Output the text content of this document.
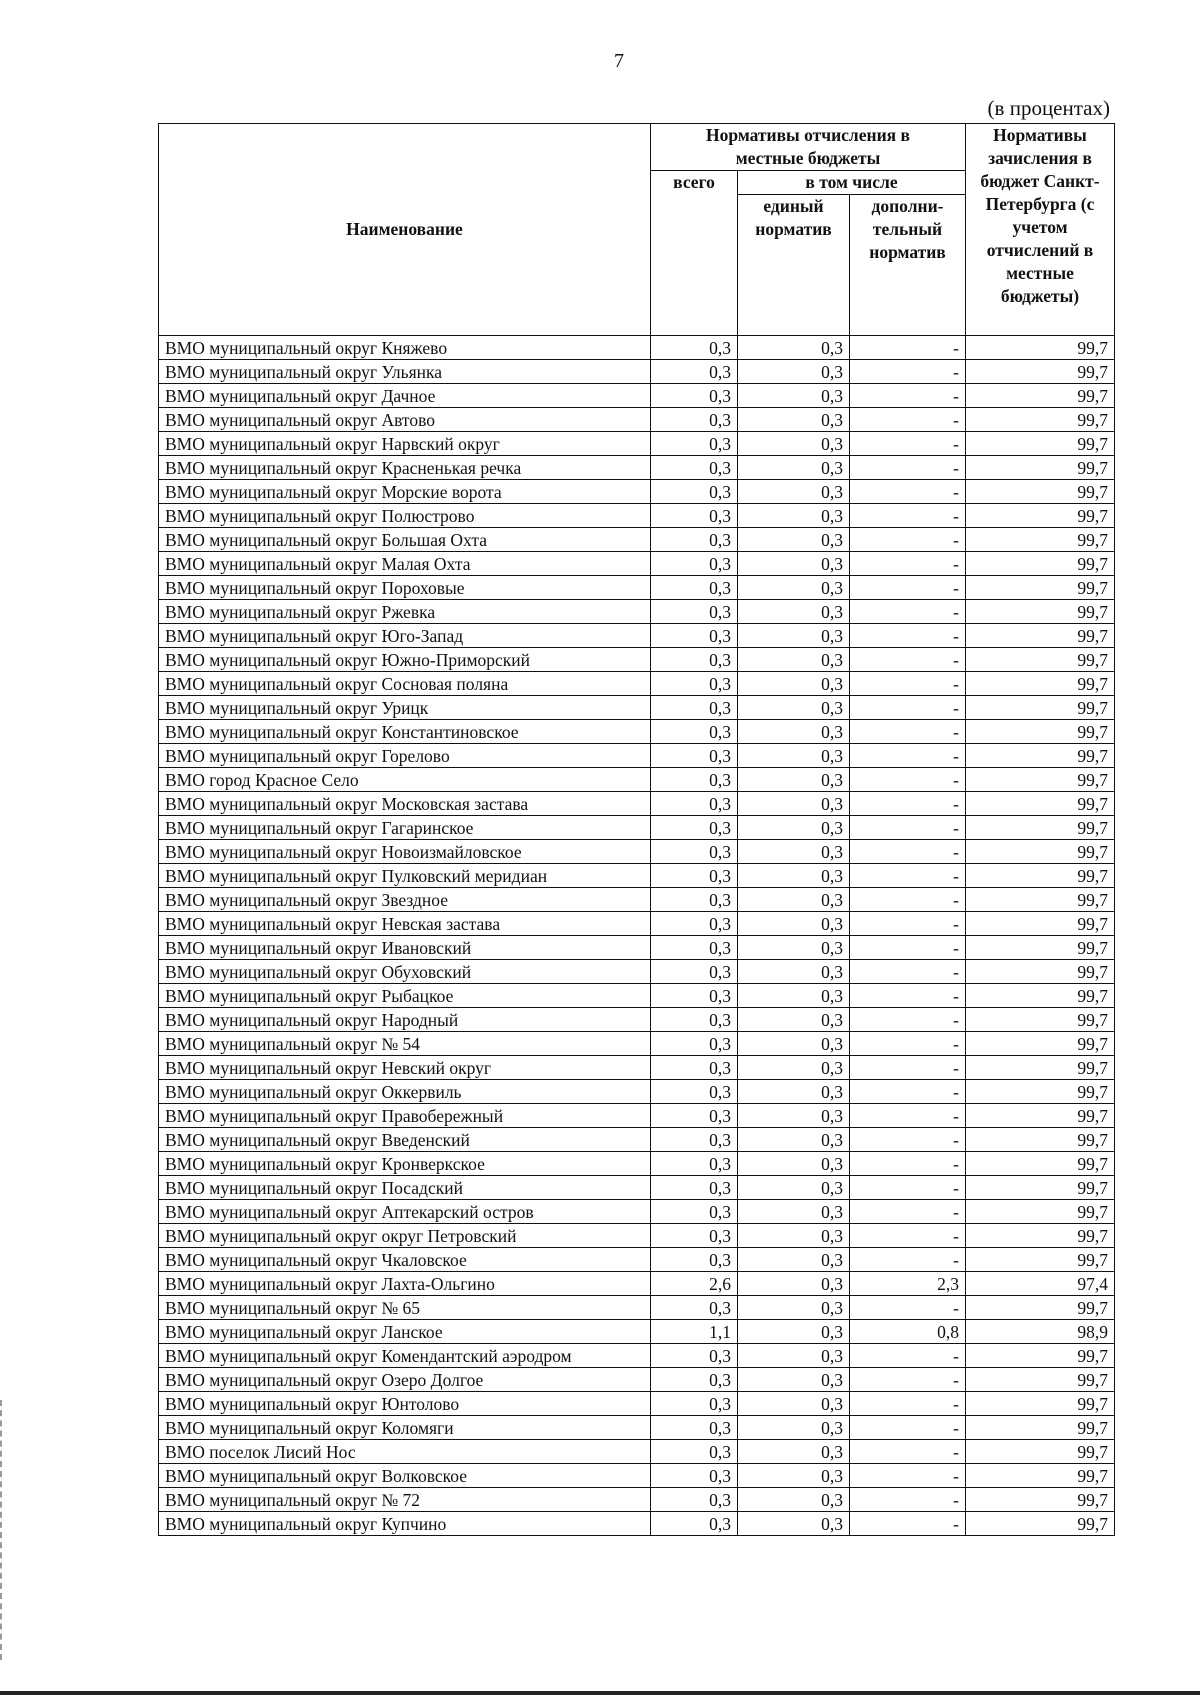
7
(в процентах)
Наименование	Нормативы отчисления в местные бюджеты			Нормативы зачисления в бюджет Санкт-Петербурга (с учетом отчислений в местные бюджеты)
	всего	в том числе		
		единый норматив	дополни-тельный норматив	
ВМО муниципальный округ Княжево	0,3	0,3	-	99,7
ВМО муниципальный округ Ульянка	0,3	0,3	-	99,7
ВМО муниципальный округ Дачное	0,3	0,3	-	99,7
ВМО муниципальный округ Автово	0,3	0,3	-	99,7
ВМО муниципальный округ Нарвский округ	0,3	0,3	-	99,7
ВМО муниципальный округ Красненькая речка	0,3	0,3	-	99,7
ВМО муниципальный округ Морские ворота	0,3	0,3	-	99,7
ВМО муниципальный округ Полюстрово	0,3	0,3	-	99,7
ВМО муниципальный округ Большая Охта	0,3	0,3	-	99,7
ВМО муниципальный округ Малая Охта	0,3	0,3	-	99,7
ВМО муниципальный округ Пороховые	0,3	0,3	-	99,7
ВМО муниципальный округ Ржевка	0,3	0,3	-	99,7
ВМО муниципальный округ Юго-Запад	0,3	0,3	-	99,7
ВМО муниципальный округ Южно-Приморский	0,3	0,3	-	99,7
ВМО муниципальный округ Сосновая поляна	0,3	0,3	-	99,7
ВМО муниципальный округ Урицк	0,3	0,3	-	99,7
ВМО муниципальный округ Константиновское	0,3	0,3	-	99,7
ВМО муниципальный округ Горелово	0,3	0,3	-	99,7
ВМО город Красное Село	0,3	0,3	-	99,7
ВМО муниципальный округ Московская застава	0,3	0,3	-	99,7
ВМО муниципальный округ Гагаринское	0,3	0,3	-	99,7
ВМО муниципальный округ Новоизмайловское	0,3	0,3	-	99,7
ВМО муниципальный округ Пулковский меридиан	0,3	0,3	-	99,7
ВМО муниципальный округ Звездное	0,3	0,3	-	99,7
ВМО муниципальный округ Невская застава	0,3	0,3	-	99,7
ВМО муниципальный округ Ивановский	0,3	0,3	-	99,7
ВМО муниципальный округ Обуховский	0,3	0,3	-	99,7
ВМО муниципальный округ Рыбацкое	0,3	0,3	-	99,7
ВМО муниципальный округ Народный	0,3	0,3	-	99,7
ВМО муниципальный округ № 54	0,3	0,3	-	99,7
ВМО муниципальный округ Невский округ	0,3	0,3	-	99,7
ВМО муниципальный округ Оккервиль	0,3	0,3	-	99,7
ВМО муниципальный округ Правобережный	0,3	0,3	-	99,7
ВМО муниципальный округ Введенский	0,3	0,3	-	99,7
ВМО муниципальный округ Кронверкское	0,3	0,3	-	99,7
ВМО муниципальный округ Посадский	0,3	0,3	-	99,7
ВМО муниципальный округ Аптекарский остров	0,3	0,3	-	99,7
ВМО муниципальный округ округ Петровский	0,3	0,3	-	99,7
ВМО муниципальный округ Чкаловское	0,3	0,3	-	99,7
ВМО муниципальный округ Лахта-Ольгино	2,6	0,3	2,3	97,4
ВМО муниципальный округ № 65	0,3	0,3	-	99,7
ВМО муниципальный округ Ланское	1,1	0,3	0,8	98,9
ВМО муниципальный округ Комендантский аэродром	0,3	0,3	-	99,7
ВМО муниципальный округ Озеро Долгое	0,3	0,3	-	99,7
ВМО муниципальный округ Юнтолово	0,3	0,3	-	99,7
ВМО муниципальный округ Коломяги	0,3	0,3	-	99,7
ВМО поселок Лисий Нос	0,3	0,3	-	99,7
ВМО муниципальный округ Волковское	0,3	0,3	-	99,7
ВМО муниципальный округ № 72	0,3	0,3	-	99,7
ВМО муниципальный округ Купчино	0,3	0,3	-	99,7
